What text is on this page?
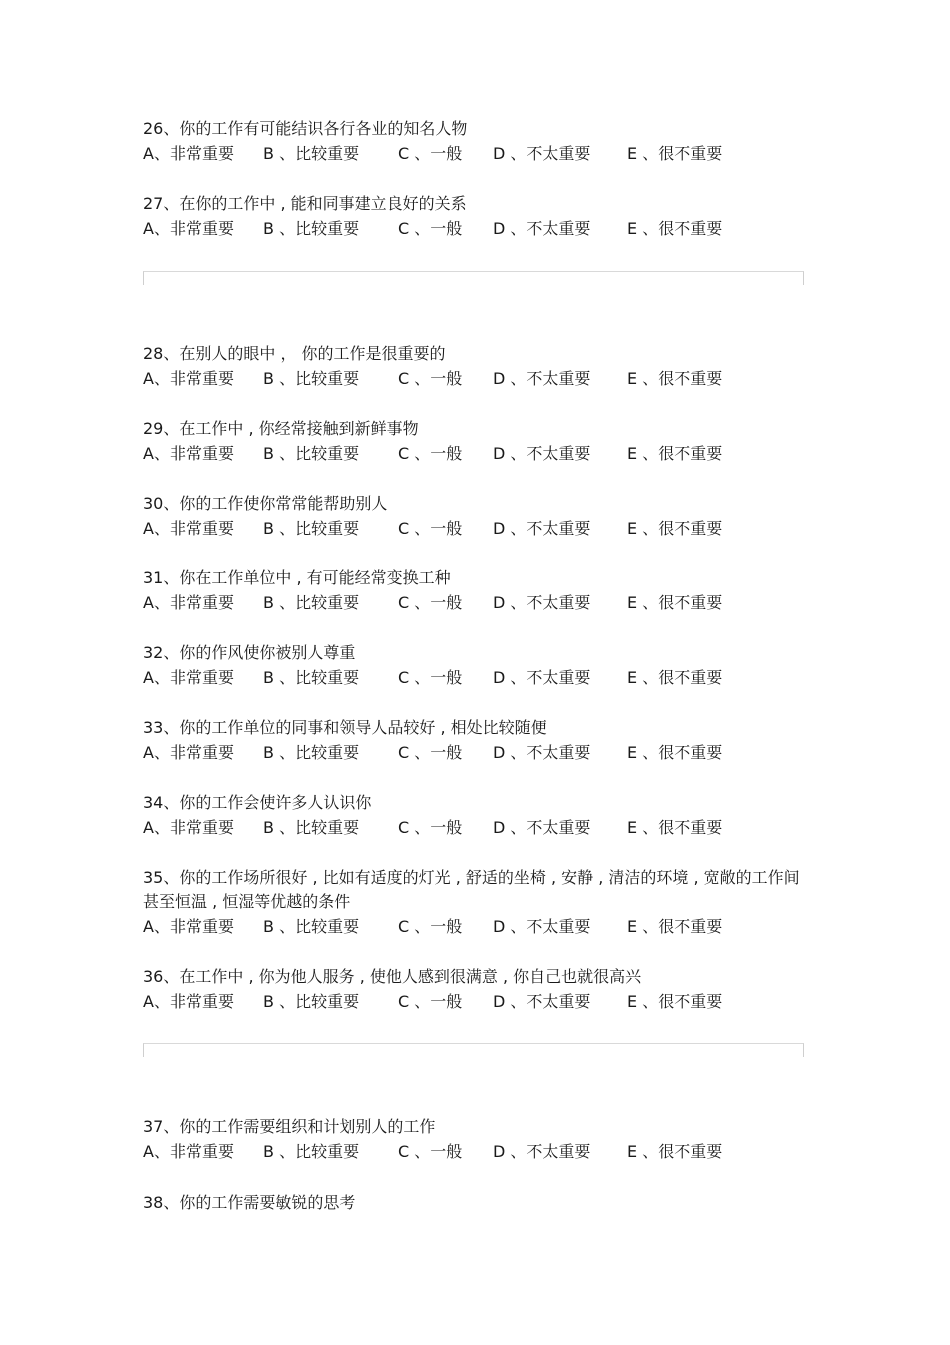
26、你的工作有可能结识各行各业的知名人物

A、非常重要 B 、比较重要 C 、一般 D 、不太重要 E 、很不重要

27、在你的工作中 , 能和同事建立良好的关系

A、非常重要 B 、比较重要 C 、一般 D 、不太重要 E 、很不重要

28、在别人的眼中 ， 你的工作是很重要的

A、非常重要 B 、比较重要 C 、一般 D 、不太重要 E 、很不重要

29、在工作中 , 你经常接触到新鲜事物

A、非常重要 B 、比较重要 C 、一般 D 、不太重要 E 、很不重要

30、你的工作使你常常能帮助别人

A、非常重要 B 、比较重要 C 、一般 D 、不太重要 E 、很不重要

31、你在工作单位中 , 有可能经常变换工种

A、非常重要 B 、比较重要 C 、一般 D 、不太重要 E 、很不重要

32、你的作风使你被别人尊重

A、非常重要 B 、比较重要 C 、一般 D 、不太重要 E 、很不重要

33、你的工作单位的同事和领导人品较好 , 相处比较随便

A、非常重要 B 、比较重要 C 、一般 D 、不太重要 E 、很不重要

34、你的工作会使许多人认识你

A、非常重要 B 、比较重要 C 、一般 D 、不太重要 E 、很不重要

35、你的工作场所很好 , 比如有适度的灯光 , 舒适的坐椅 , 安静 , 清洁的环境 , 宽敞的工作间甚至恒温 , 恒湿等优越的条件

A、非常重要 B 、比较重要 C 、一般 D 、不太重要 E 、很不重要

36、在工作中 , 你为他人服务 , 使他人感到很满意 , 你自己也就很高兴

A、非常重要 B 、比较重要 C 、一般 D 、不太重要 E 、很不重要

37、你的工作需要组织和计划别人的工作

A、非常重要 B 、比较重要 C 、一般 D 、不太重要 E 、很不重要

38、你的工作需要敏锐的思考
